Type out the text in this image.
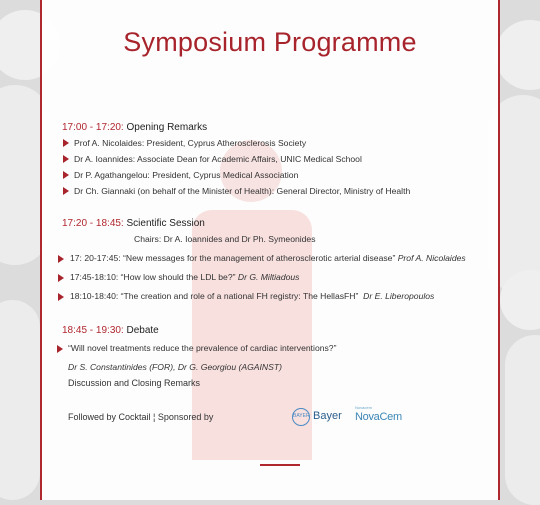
Symposium Programme
17:00 - 17:20: Opening Remarks
Prof A. Nicolaides: President, Cyprus Atherosclerosis Society
Dr A. Ioannides: Associate Dean for Academic Affairs, UNIC Medical School
Dr P. Agathangelou: President, Cyprus Medical Association
Dr Ch. Giannaki (on behalf of the Minister of Health): General Director, Ministry of Health
17:20 - 18:45: Scientific Session
Chairs: Dr A. Ioannides and Dr Ph. Symeonides
17: 20-17:45: “New messages for the management of atherosclerotic arterial disease” Prof A. Nicolaides
17:45-18:10: “How low should the LDL be?” Dr G. Miltiadous
18:10-18:40: “The creation and role of a national FH registry: The HellasFH” Dr E. Liberopoulos
18:45 - 19:30: Debate
“Will novel treatments reduce the prevalence of cardiac interventions?”
Dr S. Constantinides (FOR), Dr G. Georgiou (AGAINST)
Discussion and Closing Remarks
Followed by Cocktail ¦ Sponsored by	BAYER Bayer
Novacem
NovaCem
